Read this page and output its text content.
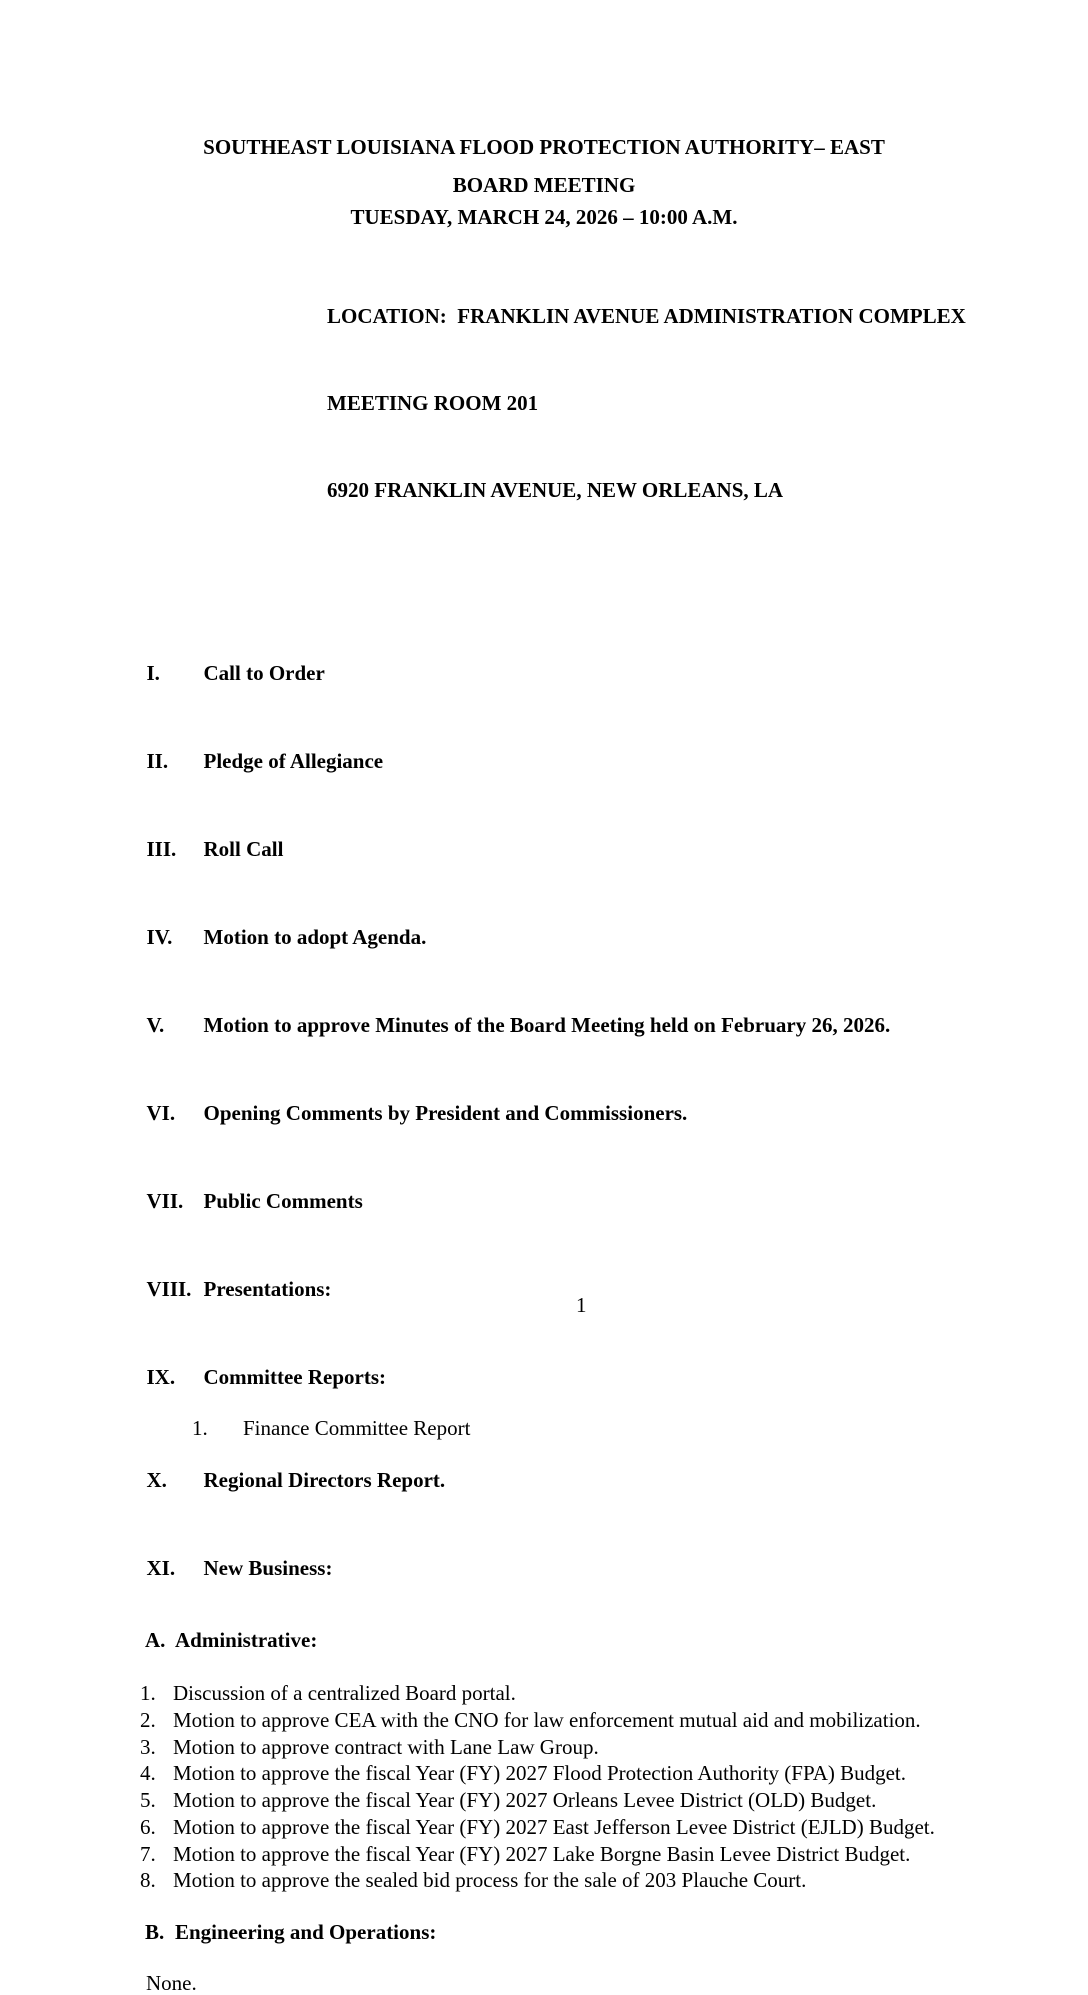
SOUTHEAST LOUISIANA FLOOD PROTECTION AUTHORITY– EAST
BOARD MEETING
TUESDAY, MARCH 24, 2026 – 10:00 A.M.

LOCATION:  FRANKLIN AVENUE ADMINISTRATION COMPLEX

MEETING ROOM 201

6920 FRANKLIN AVENUE, NEW ORLEANS, LA

I. Call to Order

II. Pledge of Allegiance

III. Roll Call

IV. Motion to adopt Agenda.

V. Motion to approve Minutes of the Board Meeting held on February 26, 2026.

VI. Opening Comments by President and Commissioners.

VII. Public Comments

VIII. Presentations:

IX. Committee Reports:

1. Finance Committee Report

X. Regional Directors Report.

XI. New Business:

A. Administrative:
1. Discussion of a centralized Board portal.
2. Motion to approve CEA with the CNO for law enforcement mutual aid and mobilization.
3. Motion to approve contract with Lane Law Group.
4. Motion to approve the fiscal Year (FY) 2027 Flood Protection Authority (FPA) Budget.
5. Motion to approve the fiscal Year (FY) 2027 Orleans Levee District (OLD) Budget.
6. Motion to approve the fiscal Year (FY) 2027 East Jefferson Levee District (EJLD) Budget.
7. Motion to approve the fiscal Year (FY) 2027 Lake Borgne Basin Levee District Budget.
8. Motion to approve the sealed bid process for the sale of 203 Plauche Court.
B. Engineering and Operations:
None.
1
